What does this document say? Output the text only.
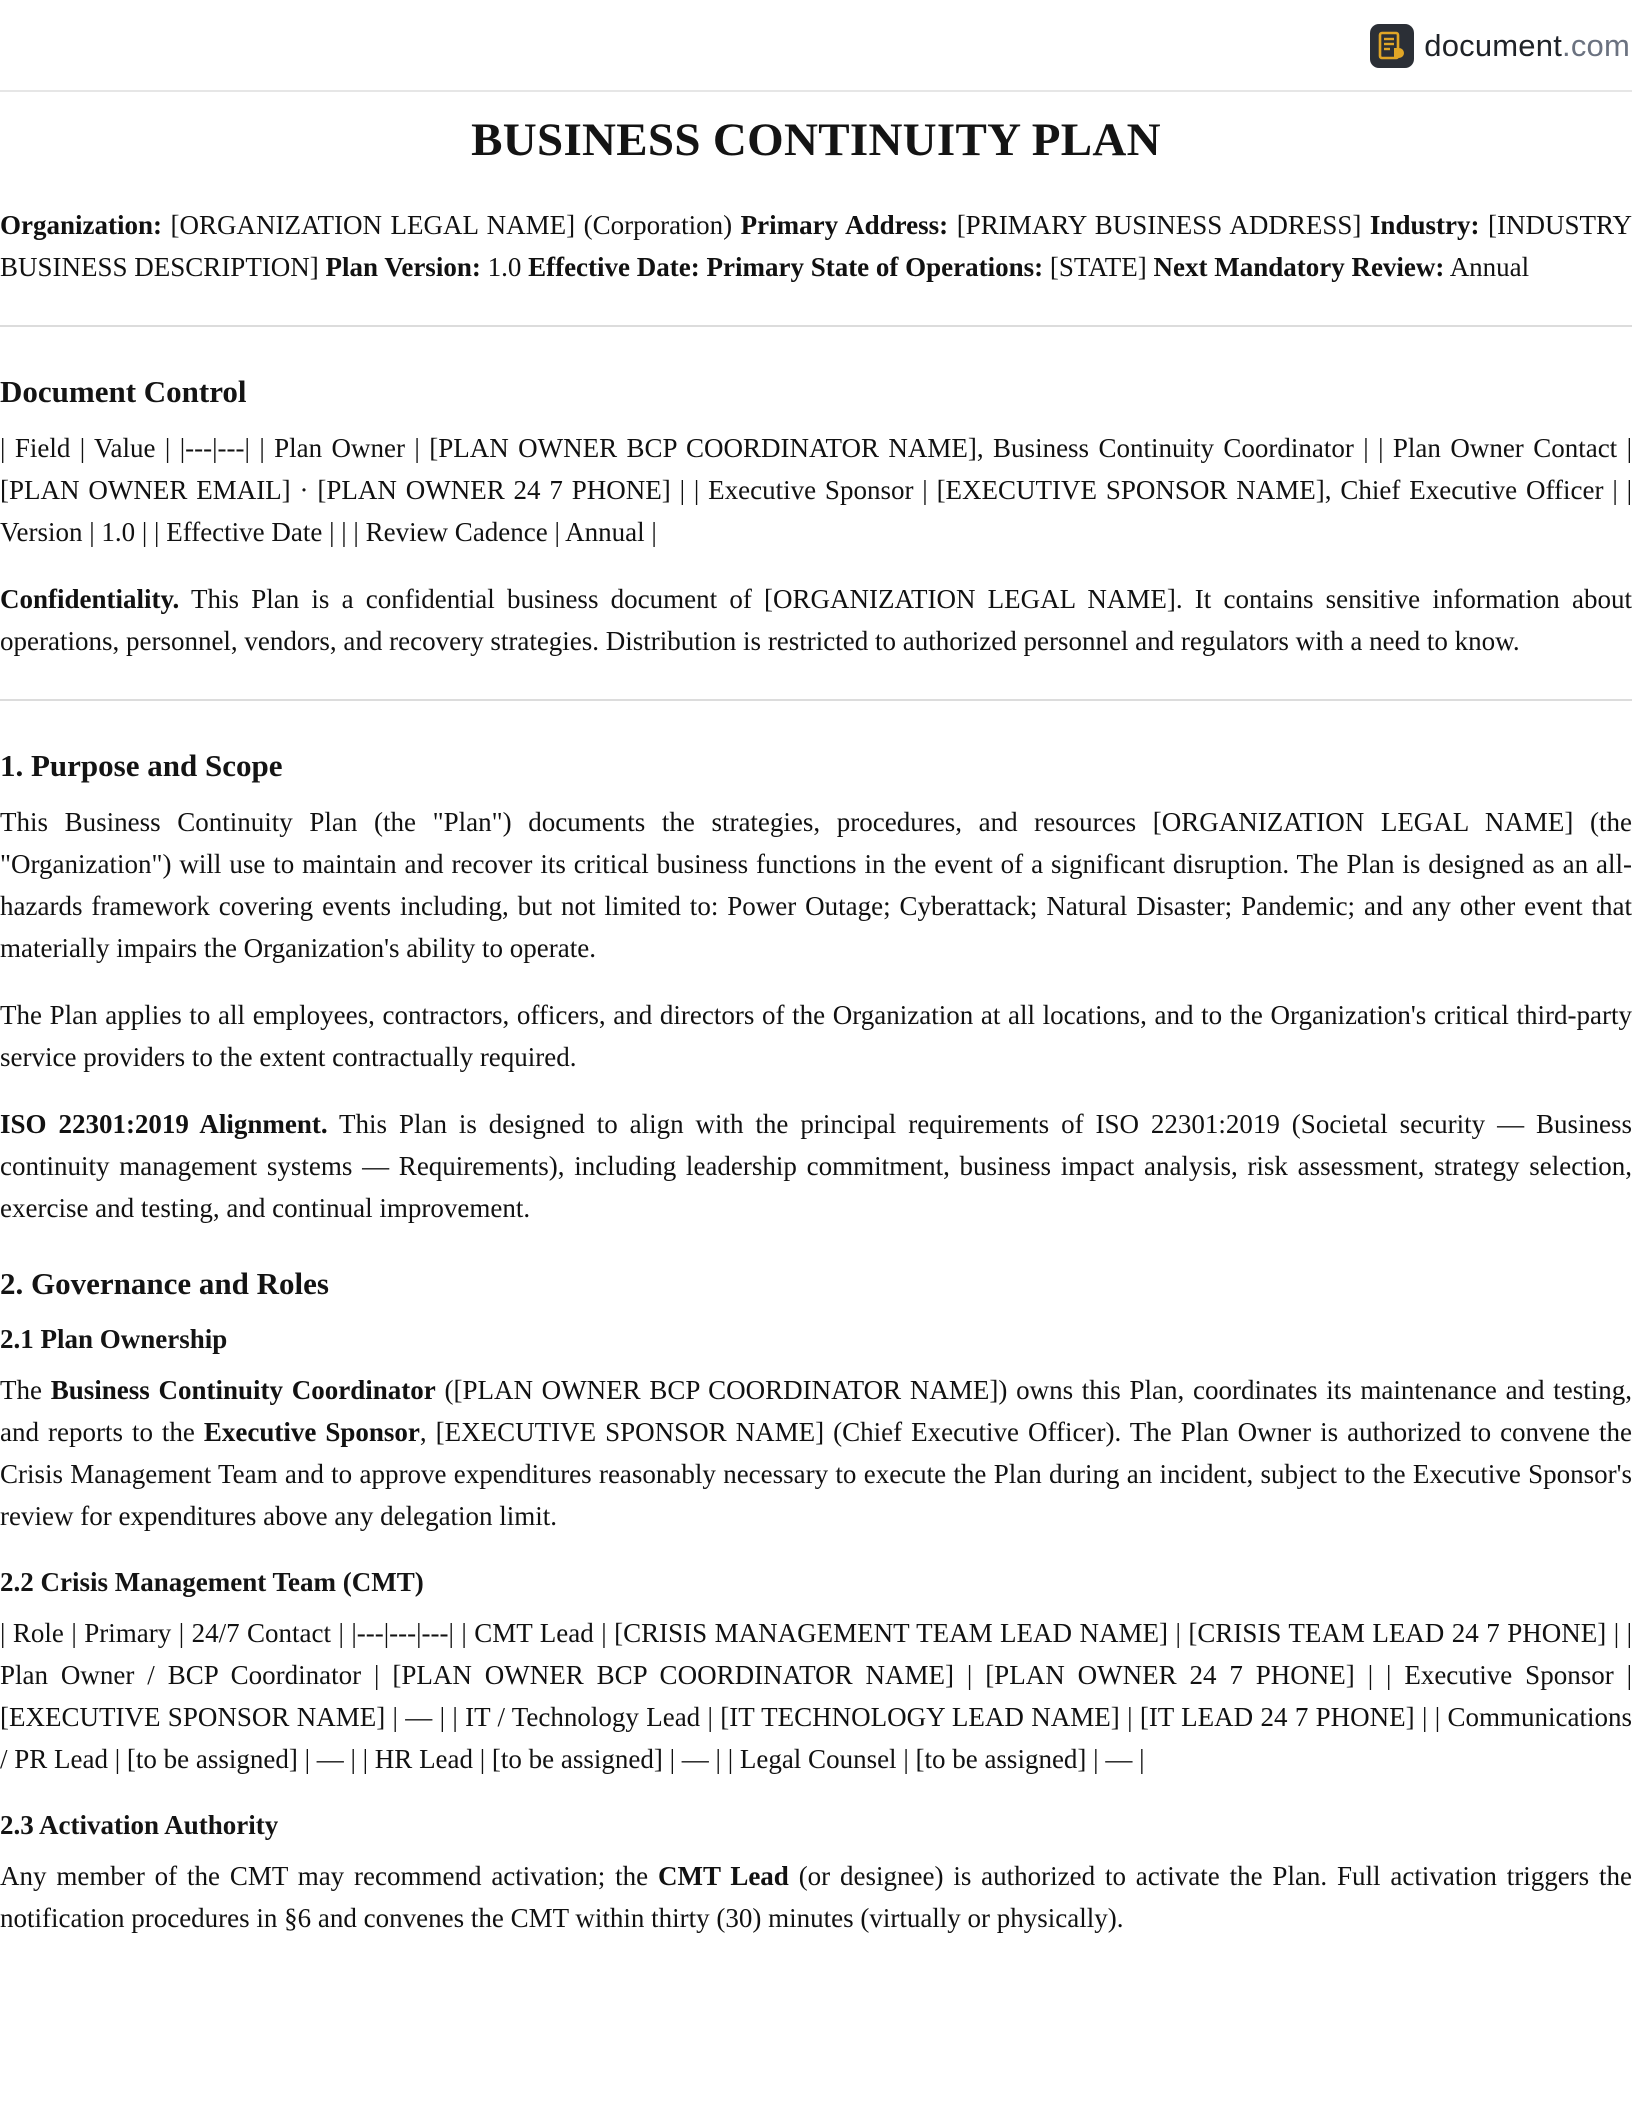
document.com
BUSINESS CONTINUITY PLAN

Organization: [ORGANIZATION LEGAL NAME] (Corporation) Primary Address: [PRIMARY BUSINESS ADDRESS] Industry: [INDUSTRY BUSINESS DESCRIPTION] Plan Version: 1.0 Effective Date: Primary State of Operations: [STATE] Next Mandatory Review: Annual

Document Control

| Field | Value | |---|---| | Plan Owner | [PLAN OWNER BCP COORDINATOR NAME], Business Continuity Coordinator | | Plan Owner Contact | [PLAN OWNER EMAIL] · [PLAN OWNER 24 7 PHONE] | | Executive Sponsor | [EXECUTIVE SPONSOR NAME], Chief Executive Officer | | Version | 1.0 | | Effective Date | | | Review Cadence | Annual |

Confidentiality. This Plan is a confidential business document of [ORGANIZATION LEGAL NAME]. It contains sensitive information about operations, personnel, vendors, and recovery strategies. Distribution is restricted to authorized personnel and regulators with a need to know.

1. Purpose and Scope

This Business Continuity Plan (the "Plan") documents the strategies, procedures, and resources [ORGANIZATION LEGAL NAME] (the "Organization") will use to maintain and recover its critical business functions in the event of a significant disruption. The Plan is designed as an all-hazards framework covering events including, but not limited to: Power Outage; Cyberattack; Natural Disaster; Pandemic; and any other event that materially impairs the Organization's ability to operate.

The Plan applies to all employees, contractors, officers, and directors of the Organization at all locations, and to the Organization's critical third-party service providers to the extent contractually required.

ISO 22301:2019 Alignment. This Plan is designed to align with the principal requirements of ISO 22301:2019 (Societal security — Business continuity management systems — Requirements), including leadership commitment, business impact analysis, risk assessment, strategy selection, exercise and testing, and continual improvement.

2. Governance and Roles
2.1 Plan Ownership

The Business Continuity Coordinator ([PLAN OWNER BCP COORDINATOR NAME]) owns this Plan, coordinates its maintenance and testing, and reports to the Executive Sponsor, [EXECUTIVE SPONSOR NAME] (Chief Executive Officer). The Plan Owner is authorized to convene the Crisis Management Team and to approve expenditures reasonably necessary to execute the Plan during an incident, subject to the Executive Sponsor's review for expenditures above any delegation limit.

2.2 Crisis Management Team (CMT)

| Role | Primary | 24/7 Contact | |---|---|---| | CMT Lead | [CRISIS MANAGEMENT TEAM LEAD NAME] | [CRISIS TEAM LEAD 24 7 PHONE] | | Plan Owner / BCP Coordinator | [PLAN OWNER BCP COORDINATOR NAME] | [PLAN OWNER 24 7 PHONE] | | Executive Sponsor | [EXECUTIVE SPONSOR NAME] | — | | IT / Technology Lead | [IT TECHNOLOGY LEAD NAME] | [IT LEAD 24 7 PHONE] | | Communications / PR Lead | [to be assigned] | — | | HR Lead | [to be assigned] | — | | Legal Counsel | [to be assigned] | — |

2.3 Activation Authority

Any member of the CMT may recommend activation; the CMT Lead (or designee) is authorized to activate the Plan. Full activation triggers the notification procedures in §6 and convenes the CMT within thirty (30) minutes (virtually or physically).
